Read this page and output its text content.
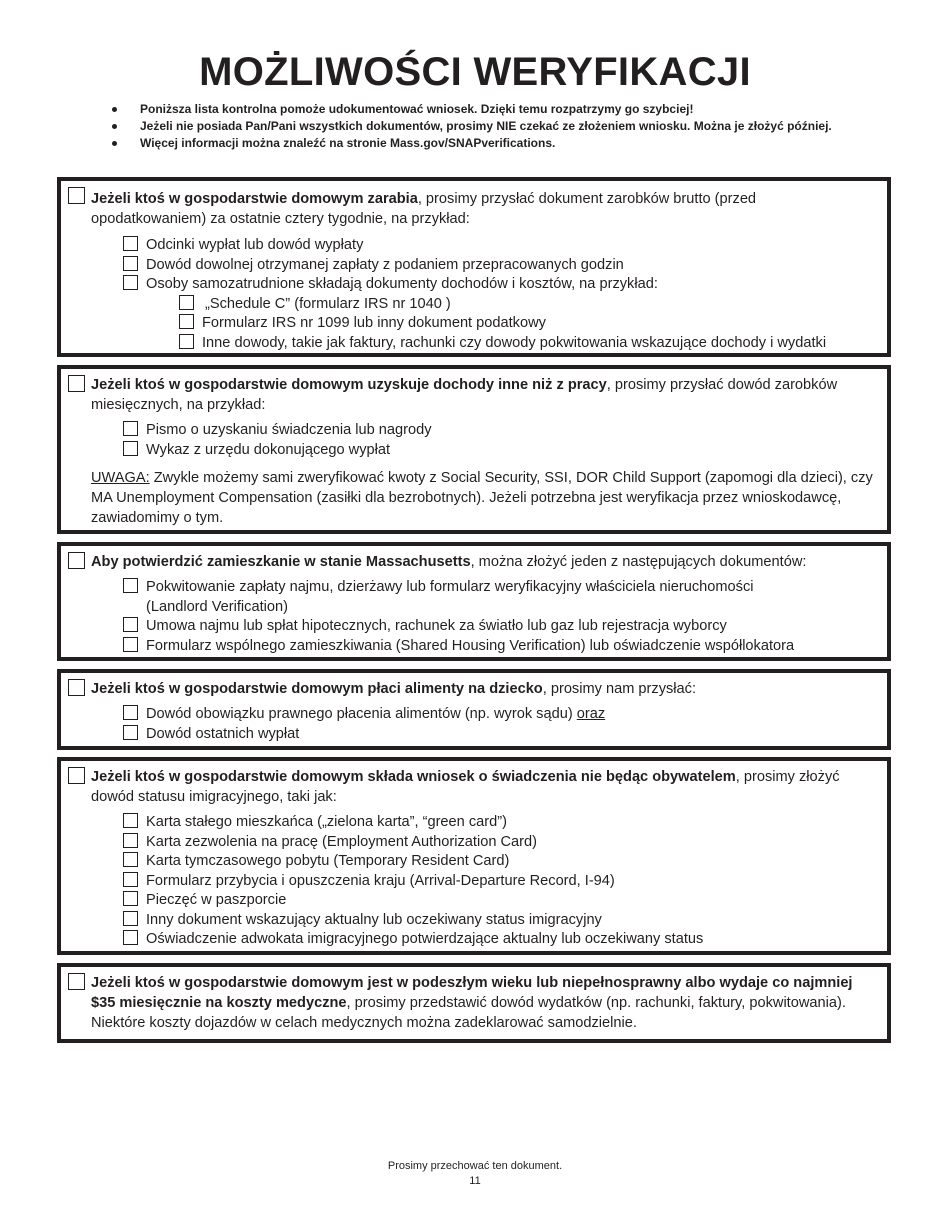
MOŻLIWOŚCI WERYFIKACJI
Poniższa lista kontrolna pomoże udokumentować wniosek. Dzięki temu rozpatrzymy go szybciej!
Jeżeli nie posiada Pan/Pani wszystkich dokumentów, prosimy NIE czekać ze złożeniem wniosku. Można je złożyć później.
Więcej informacji można znaleźć na stronie Mass.gov/SNAPverifications.
Jeżeli ktoś w gospodarstwie domowym zarabia, prosimy przysłać dokument zarobków brutto (przed opodatkowaniem) za ostatnie cztery tygodnie, na przykład:
Odcinki wypłat lub dowód wypłaty
Dowód dowolnej otrzymanej zapłaty z podaniem przepracowanych godzin
Osoby samozatrudnione składają dokumenty dochodów i kosztów, na przykład:
„Schedule C” (formularz IRS nr 1040 )
Formularz IRS nr 1099 lub inny dokument podatkowy
Inne dowody, takie jak faktury, rachunki czy dowody pokwitowania wskazujące dochody i wydatki
Jeżeli ktoś w gospodarstwie domowym uzyskuje dochody inne niż z pracy, prosimy przysłać dowód zarobków miesięcznych, na przykład:
Pismo o uzyskaniu świadczenia lub nagrody
Wykaz z urzędu dokonującego wypłat
UWAGA: Zwykle możemy sami zweryfikować kwoty z Social Security, SSI, DOR Child Support (zapomogi dla dzieci), czy MA Unemployment Compensation (zasiłki dla bezrobotnych). Jeżeli potrzebna jest weryfikacja przez wnioskodawcę, zawiadomimy o tym.
Aby potwierdzić zamieszkanie w stanie Massachusetts, można złożyć jeden z następujących dokumentów:
Pokwitowanie zapłaty najmu, dzierżawy lub formularz weryfikacyjny właściciela nieruchomości
(Landlord Verification)
Umowa najmu lub spłat hipotecznych, rachunek za światło lub gaz lub rejestracja wyborcy
Formularz wspólnego zamieszkiwania (Shared Housing Verification) lub oświadczenie współlokatora
Jeżeli ktoś w gospodarstwie domowym płaci alimenty na dziecko, prosimy nam przysłać:
Dowód obowiązku prawnego płacenia alimentów (np. wyrok sądu) oraz
Dowód ostatnich wypłat
Jeżeli ktoś w gospodarstwie domowym składa wniosek o świadczenia nie będąc obywatelem, prosimy złożyć dowód statusu imigracyjnego, taki jak:
Karta stałego mieszkańca („zielona karta”, “green card”)
Karta zezwolenia na pracę (Employment Authorization Card)
Karta tymczasowego pobytu (Temporary Resident Card)
Formularz przybycia i opuszczenia kraju (Arrival-Departure Record, I-94)
Pieczęć w paszporcie
Inny dokument wskazujący aktualny lub oczekiwany status imigracyjny
Oświadczenie adwokata imigracyjnego potwierdzające aktualny lub oczekiwany status
Jeżeli ktoś w gospodarstwie domowym jest w podeszłym wieku lub niepełnosprawny albo wydaje co najmniej $35 miesięcznie na koszty medyczne, prosimy przedstawić dowód wydatków (np. rachunki, faktury, pokwitowania). Niektóre koszty dojazdów w celach medycznych można zadeklarować samodzielnie.
Prosimy przechować ten dokument.
11
